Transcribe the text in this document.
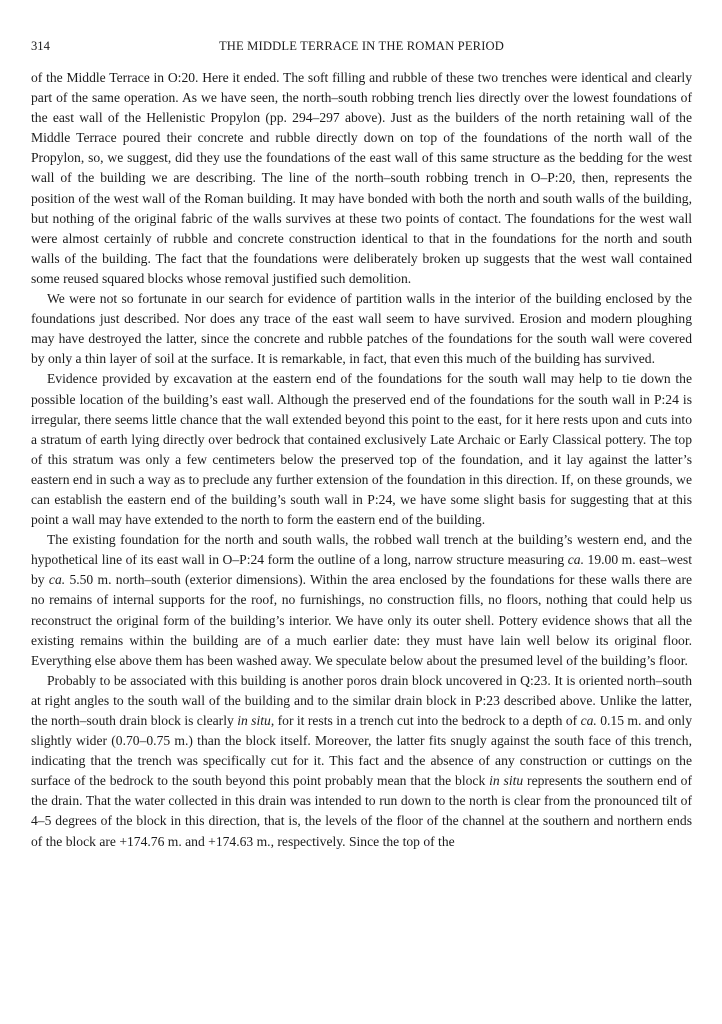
314	THE MIDDLE TERRACE IN THE ROMAN PERIOD

of the Middle Terrace in O:20. Here it ended. The soft filling and rubble of these two trenches were identical and clearly part of the same operation. As we have seen, the north–south robbing trench lies directly over the lowest foundations of the east wall of the Hellenistic Propylon (pp. 294–297 above). Just as the builders of the north retaining wall of the Middle Terrace poured their concrete and rubble directly down on top of the foundations of the north wall of the Propylon, so, we suggest, did they use the foundations of the east wall of this same structure as the bedding for the west wall of the building we are describing. The line of the north–south robbing trench in O–P:20, then, represents the position of the west wall of the Roman building. It may have bonded with both the north and south walls of the building, but nothing of the original fabric of the walls survives at these two points of contact. The foundations for the west wall were almost certainly of rubble and concrete construction identical to that in the foundations for the north and south walls of the building. The fact that the foundations were deliberately broken up suggests that the west wall contained some reused squared blocks whose removal justified such demolition.

We were not so fortunate in our search for evidence of partition walls in the interior of the building enclosed by the foundations just described. Nor does any trace of the east wall seem to have survived. Erosion and modern ploughing may have destroyed the latter, since the concrete and rubble patches of the foundations for the south wall were covered by only a thin layer of soil at the surface. It is remarkable, in fact, that even this much of the building has survived.

Evidence provided by excavation at the eastern end of the foundations for the south wall may help to tie down the possible location of the building’s east wall. Although the preserved end of the foundations for the south wall in P:24 is irregular, there seems little chance that the wall extended beyond this point to the east, for it here rests upon and cuts into a stratum of earth lying directly over bedrock that contained exclusively Late Archaic or Early Classical pottery. The top of this stratum was only a few centimeters below the preserved top of the foundation, and it lay against the latter’s eastern end in such a way as to preclude any further extension of the foundation in this direction. If, on these grounds, we can establish the eastern end of the building’s south wall in P:24, we have some slight basis for suggesting that at this point a wall may have extended to the north to form the eastern end of the building.

The existing foundation for the north and south walls, the robbed wall trench at the building’s western end, and the hypothetical line of its east wall in O–P:24 form the outline of a long, narrow structure measuring ca. 19.00 m. east–west by ca. 5.50 m. north–south (exterior dimensions). Within the area enclosed by the foundations for these walls there are no remains of internal supports for the roof, no furnishings, no construction fills, no floors, nothing that could help us reconstruct the original form of the building’s interior. We have only its outer shell. Pottery evidence shows that all the existing remains within the building are of a much earlier date: they must have lain well below its original floor. Everything else above them has been washed away. We speculate below about the presumed level of the building’s floor.

Probably to be associated with this building is another poros drain block uncovered in Q:23. It is oriented north–south at right angles to the south wall of the building and to the similar drain block in P:23 described above. Unlike the latter, the north–south drain block is clearly in situ, for it rests in a trench cut into the bedrock to a depth of ca. 0.15 m. and only slightly wider (0.70–0.75 m.) than the block itself. Moreover, the latter fits snugly against the south face of this trench, indicating that the trench was specifically cut for it. This fact and the absence of any construction or cuttings on the surface of the bedrock to the south beyond this point probably mean that the block in situ represents the southern end of the drain. That the water collected in this drain was intended to run down to the north is clear from the pronounced tilt of 4–5 degrees of the block in this direction, that is, the levels of the floor of the channel at the southern and northern ends of the block are +174.76 m. and +174.63 m., respectively. Since the top of the
